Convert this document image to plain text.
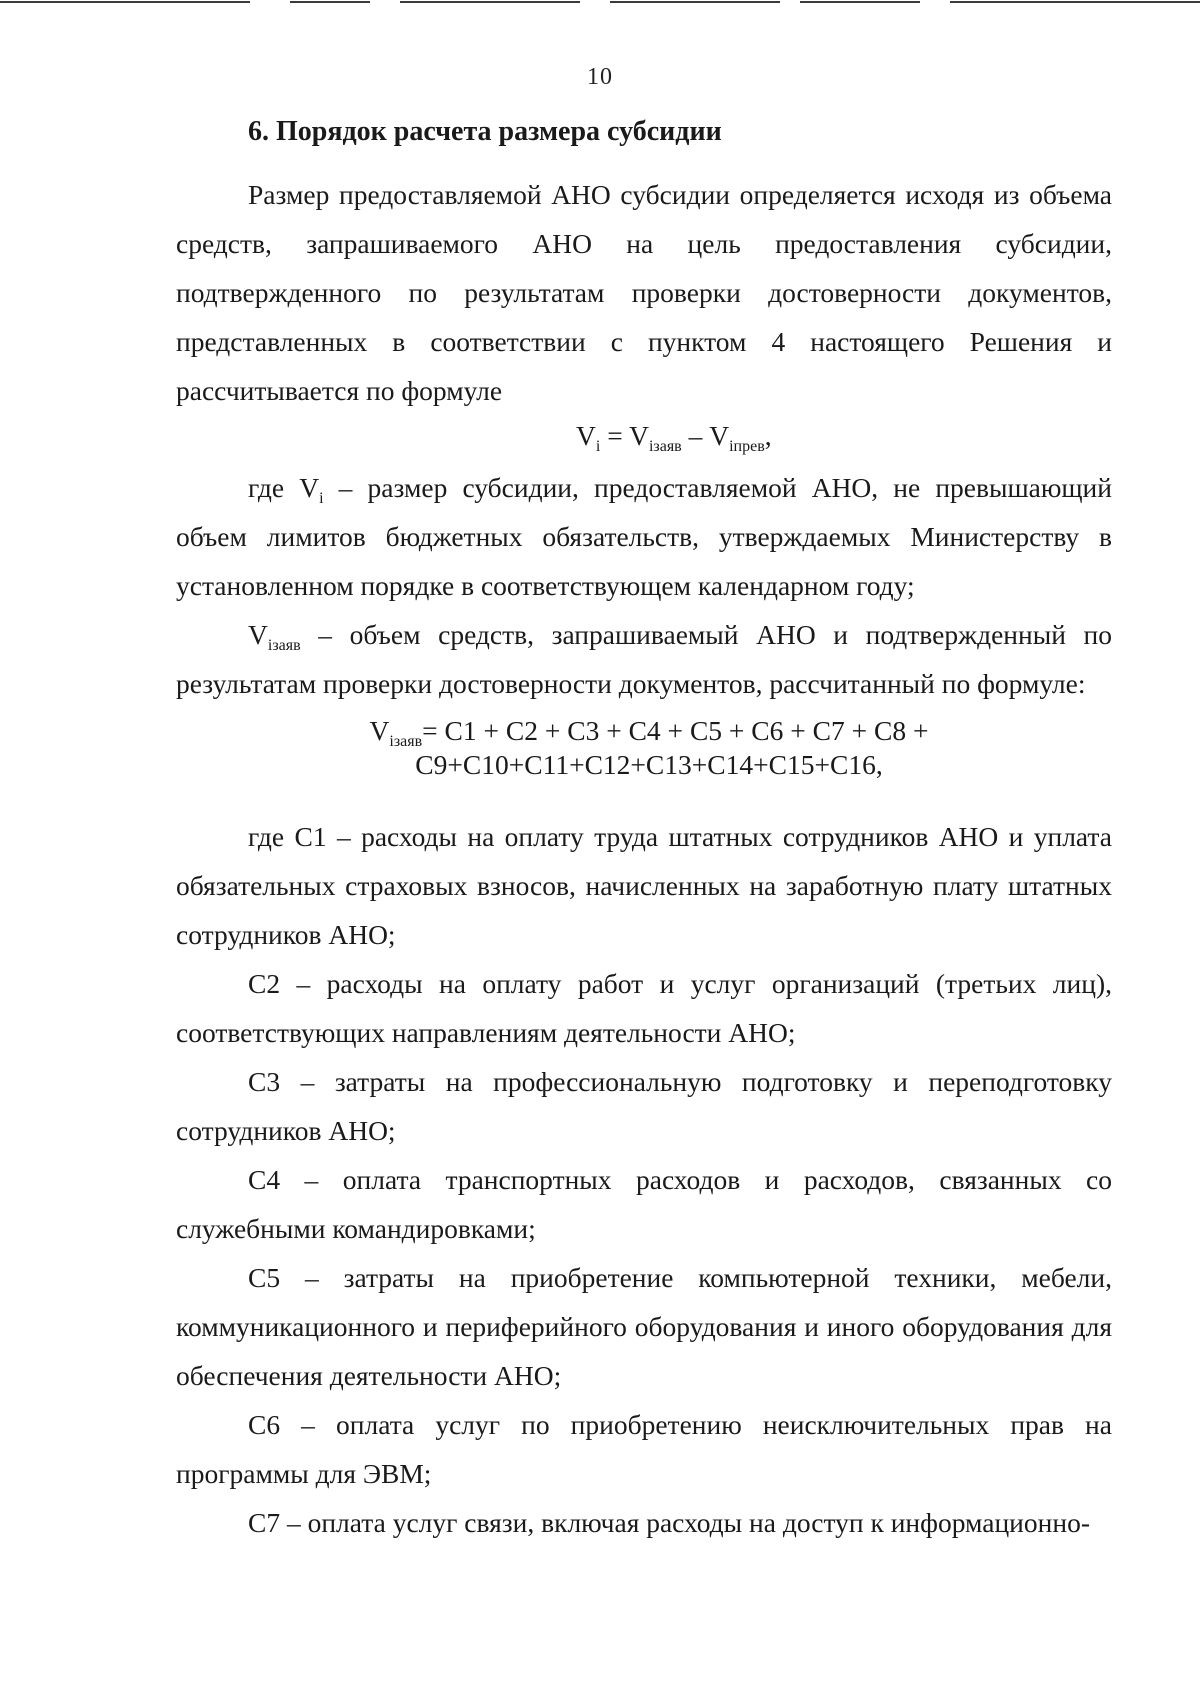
10
6. Порядок расчета размера субсидии

Размер предоставляемой АНО субсидии определяется исходя из объема средств, запрашиваемого АНО на цель предоставления субсидии, подтвержденного по результатам проверки достоверности документов, представленных в соответствии с пунктом 4 настоящего Решения и рассчитывается по формуле

$V_i = V_{iзаяв} - V_{iпрев}$,

где $V_i$ – размер субсидии, предоставляемой АНО, не превышающий объем лимитов бюджетных обязательств, утверждаемых Министерству в установленном порядке в соответствующем календарном году;

$V_{iзаяв}$ – объем средств, запрашиваемый АНО и подтвержденный по результатам проверки достоверности документов, рассчитанный по формуле:

$V_{iзаяв}= С1 + С2 + С3 + С4 + С5 + С6 + С7 + С8$ +
С9+С10+С11+С12+С13+С14+С15+С16,

где С1 – расходы на оплату труда штатных сотрудников АНО и уплата обязательных страховых взносов, начисленных на заработную плату штатных сотрудников АНО;

С2 – расходы на оплату работ и услуг организаций (третьих лиц), соответствующих направлениям деятельности АНО;

С3 – затраты на профессиональную подготовку и переподготовку сотрудников АНО;

С4 – оплата транспортных расходов и расходов, связанных со служебными командировками;

С5 – затраты на приобретение компьютерной техники, мебели, коммуникационного и периферийного оборудования и иного оборудования для обеспечения деятельности АНО;

С6 – оплата услуг по приобретению неисключительных прав на программы для ЭВМ;

С7 – оплата услуг связи, включая расходы на доступ к информационно-
